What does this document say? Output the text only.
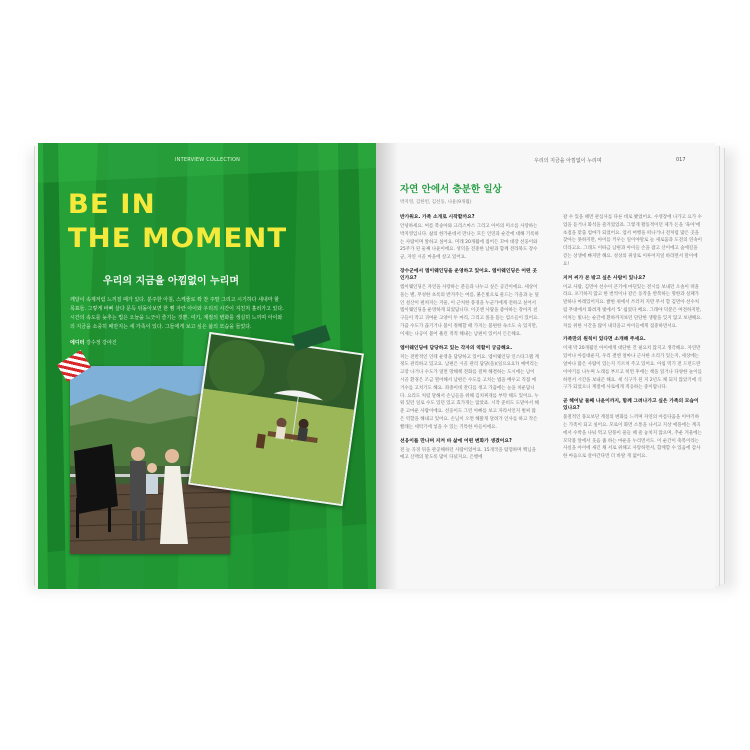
INTERVIEW COLLECTION
BE IN
THE MOMENT
우리의 지금을 아낌없이 누리며
깨달이 속제저럼 느끼질 때가 있다. 분주한 아침, 스케줄로 꽉 찬 주말 그리고 시기하다 새내마 할 목표들. 그렇게 바삐 살다 문득 뒤돌아보면 한 뼘 자란 아이와 우리의 시간이 지친처 흘러가고 있다. 시간의 속도를 늦추는 법은 오늘을 느긋이 즐기는 것뿐. 여기, 계절의 변화를 생실히 느끼며 아이와의 지금을 소중히 배만지는 세 가족이 있다. 그들에게 보고 싶은 삶의 모습을 들었다.
에디터 강수정 강야진
우리의 지금을 아낌없이 누리며	017
자연 안에서 충분한 일상
박지영, 김한빈, 김선동, 나윤(9개월)
반가워요. 가족 소개로 시작할까요?
안녕하세요. 여름 복숭아와 크리스마스 그리고 아이의 미소를 사랑하는 박지영입니다. 삶의 한가운데서 만나는 모든 인연과 순간에 대해 기록하는 사람이며 앞하고 싶어요. 미래 20개월에 접어든 꼬마 대장 선웅이와 25주가 된 둘째 나윤이에요. 성덕을 진중한 남편과 함께 전라북도 장수군, 자연 시골 마을에 살고 있어요.
장수군에서 엠이웨인딩을 운영하고 있어요. 엠이웨인딩은 어떤 곳인가요?
엠이웨인딩은 자연을 사랑하는 분들과 나누고 싶은 공간이에요. 세상이 돌는 별, 무성한 초록의 반겨주는 여름, 붉은빛으로 물드는 가을과 눈 덮인 설산이 펼쳐지는 겨울, 이 근처한 풍경을 누군가에게 전하고 싶어서 엠이웨인딩을 운영하게 되었답니다. 이곳엔 사람을 좋아하는 강아지 친구들이 작고 귀여운 고양이 두 마리, 그리고 몰을 뜯는 염소들이 있어요. 가끔 수도가 끊기거나 불이 정해할 때 가지는 불편한 속소도 숙 있지만, 이제는 나공이 불어 훌린 적적 해내는 남편이 있어서 든든해요.
엠이웨인딩에 담당하고 있는 각자의 역할이 궁금해요.
저는 전반적인 인테 운영을 담당하고 있어요. 엠이웨인딩 인스타그램 계정도 관리하고 있고요. 남편은 시골 관리 담당(을)(일으요요?) 예버리는 고장 나거나 수도가 얼면 망해책 전화를 걸며 해결하는 도시에는 남이 시골 환경은 조금 열어해서 남편은 수도를 고치는 법을 배우고 직접 예거수를 고치기도 해요. 좌종이데 잔디를 정고 가끔에는 눈을 치운답니다. 요리도 처럼 달해서 손님들을 위해 김치찌개를 부탁 해도 있어요. 누워 있던 일로 수도 있던 있고 효가게는 않았죠. 시작 준비도 도맡아서 해준 고마운 사람이에요. 선웅이도 그런 아빠를 보고 자라서인지 벌써 많은 역할을 해내고 있어요. 손님이 오면 해맑게 달려가 인사를 하고 작은 빨래는 세탁기에 넣을 수 있는 기특한 아들이에요.
선웅이를 만나며 지켜 바 삶에 어떤 변화가 생겼어요?
전 늘 곡경 뒤을 관공해하던 사람이었어요. 15개국을 탐험하며 백님을 메고 산맥의 맡도록 많이 다녔지요. 은행에
갈 수 있을 때면 관심사를 다른 데로 봤었어요. 수영장에 나가고 요가 수업을 듣거나 화석을 즐겨었었죠. 그렇게 활동적이던 제가 돈을 '육아'에 초점을 맞출 엄마가 되었어요. 엄서 여행을 떠나거나 전처럼 많은 곳을 찾아는 못하지만, 아이를 키우는 일이야말로 늘 새로움과 도전의 연속이더라고요. 그래도 이따금 남편과 아이들 손을 잡고 산이에고 숲에길을 걷는 상생에 빠지만 해요. 성상의 취상로 이루어지일 바라면서 말이에요!
지켜 씨가 본 밖고 싶은 사람이 있나요?
이교 사람, 김면아 선수이 큰기에 마딘있는 전시를 보내던 오솔이 떠올라요. 포기하지 않고 한 번씩이나 같은 동작을 반복하는 명한과 실패가 말하나 마레있어지요. 밝한 위에서 쓰러져 지만 무서 할 김면아 선수처럼 무대에서 화려게 빛에서 '5' 쉽었다 배요. 그래야 덕분은 여전하지만, 이처는 빛나는 순간에 환하까지보던 단단한 생활을 잊지 않고 보낸해요. 저를 위한 시간을 많이 내더을고 아이들에게 집중하면서요.
가족만의 원칙이 있다면 소개해 주세요.
이제 막 20개월인 아이에게 대단한 건 필요치 않지고 생각해요. 자연만 있어나 아름대운지, 우리 곁엔 얼마나 근사한 소리가 있는지, 세상에는 얼마나 많은 사람이 있는지 기르쳐 주고 있어요. 아침 먹기 전 드런드란 이야기를 나누며 노래를 부르고 히면 후에는 책을 읽거나 다양한 놀이를 하면서 시간을 보내곤 해요. 세 식구가 된 지 2년도 채 되지 않았기에 식구가 되었으니 계절에 사로에게 적응하는 중이랍니다.
곧 헤어날 둘째 나윤이까지, 함께 그려나가고 싶은 가족의 모습이 있나요?
불철적인 풍요보단 계절의 변화를 느끼며 자연의 아름다움을 이야기하는 가족이 되고 싶어요. 모로이 화면 소통을 나서고 지상 애플에는 계곡에서 수박을 나눠 먹고 단풍이 물들 때 즐 놓치지 않으며, 추운 겨울에는 모닥불 앞에서 웃음 줍 하는 마운을 누리면서도. 이 순간이 축복이라는 사실을 아이에 새긴 채 서로 위해고 사랑하면서, 함께할 수 있음에 감사한 마음으로 살아간다면 더 바랄 게 없어요.
